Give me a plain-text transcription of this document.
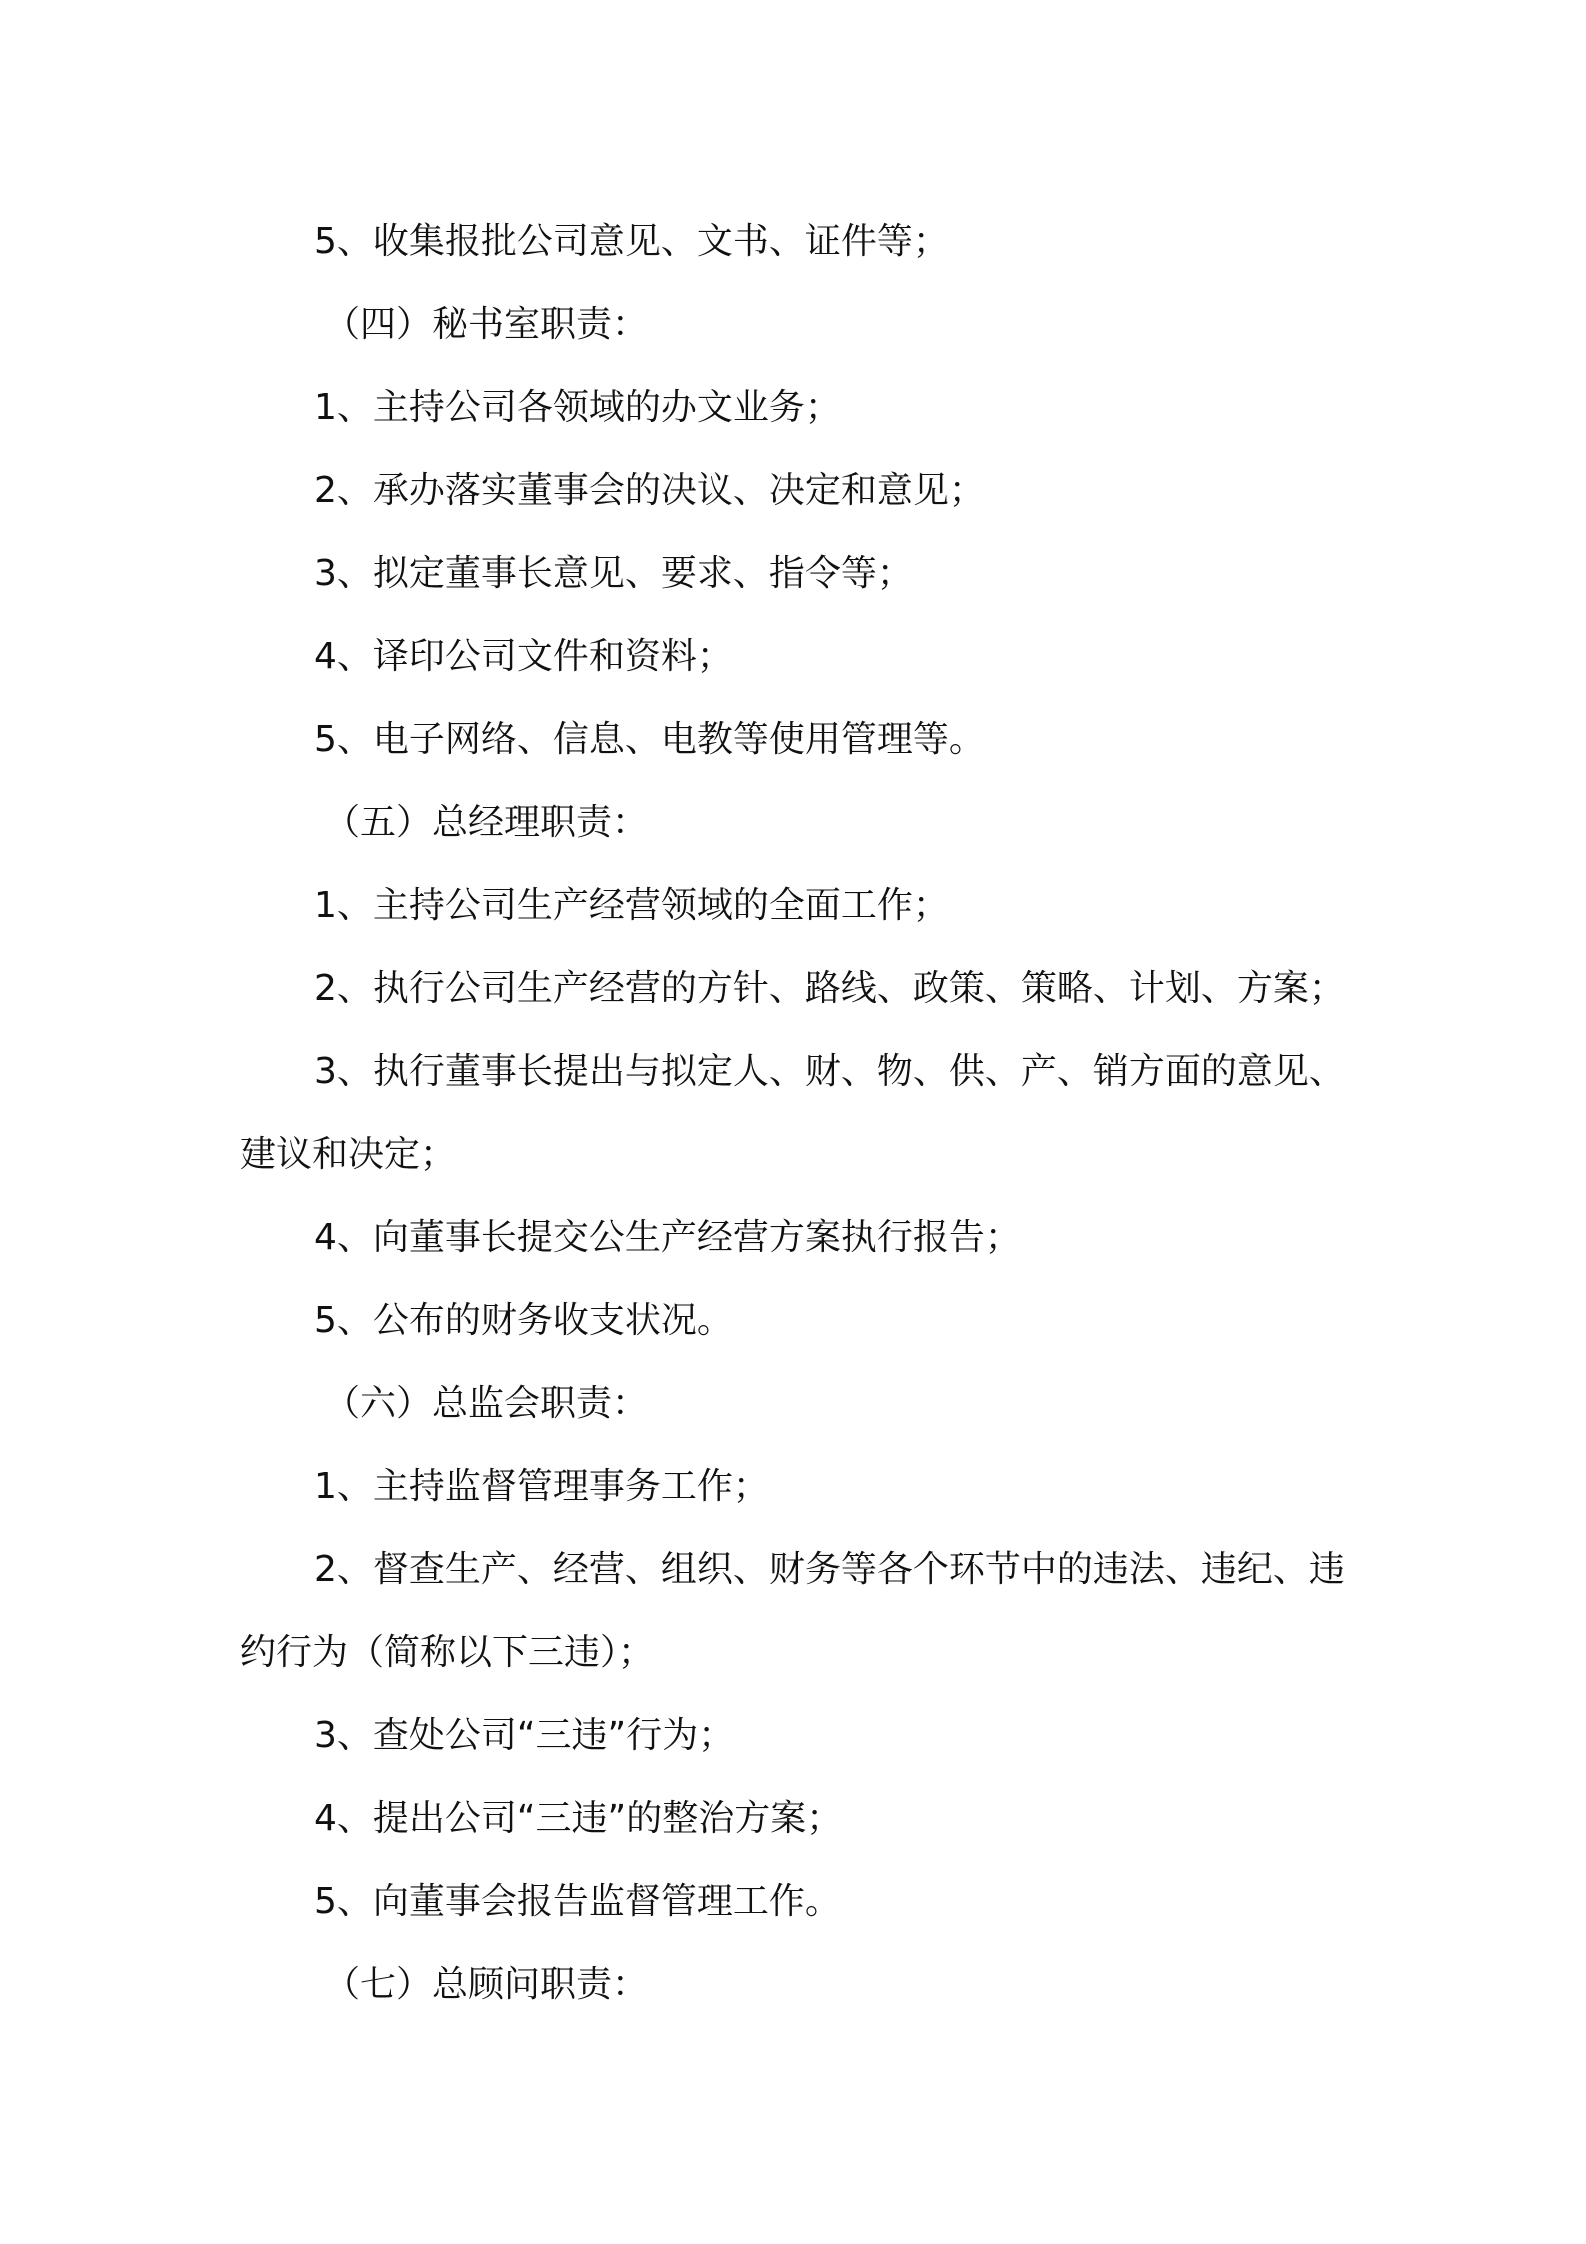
5、收集报批公司意见、文书、证件等；

（四）秘书室职责：

1、主持公司各领域的办文业务；

2、承办落实董事会的决议、决定和意见；

3、拟定董事长意见、要求、指令等；

4、译印公司文件和资料；

5、电子网络、信息、电教等使用管理等。

（五）总经理职责：

1、主持公司生产经营领域的全面工作；

2、执行公司生产经营的方针、路线、政策、策略、计划、方案；

3、执行董事长提出与拟定人、财、物、供、产、销方面的意见、建议和决定；

4、向董事长提交公生产经营方案执行报告；

5、公布的财务收支状况。

（六）总监会职责：

1、主持监督管理事务工作；

2、督查生产、经营、组织、财务等各个环节中的违法、违纪、违约行为（简称以下三违）；

3、查处公司“三违”行为；

4、提出公司“三违”的整治方案；

5、向董事会报告监督管理工作。

（七）总顾问职责：
